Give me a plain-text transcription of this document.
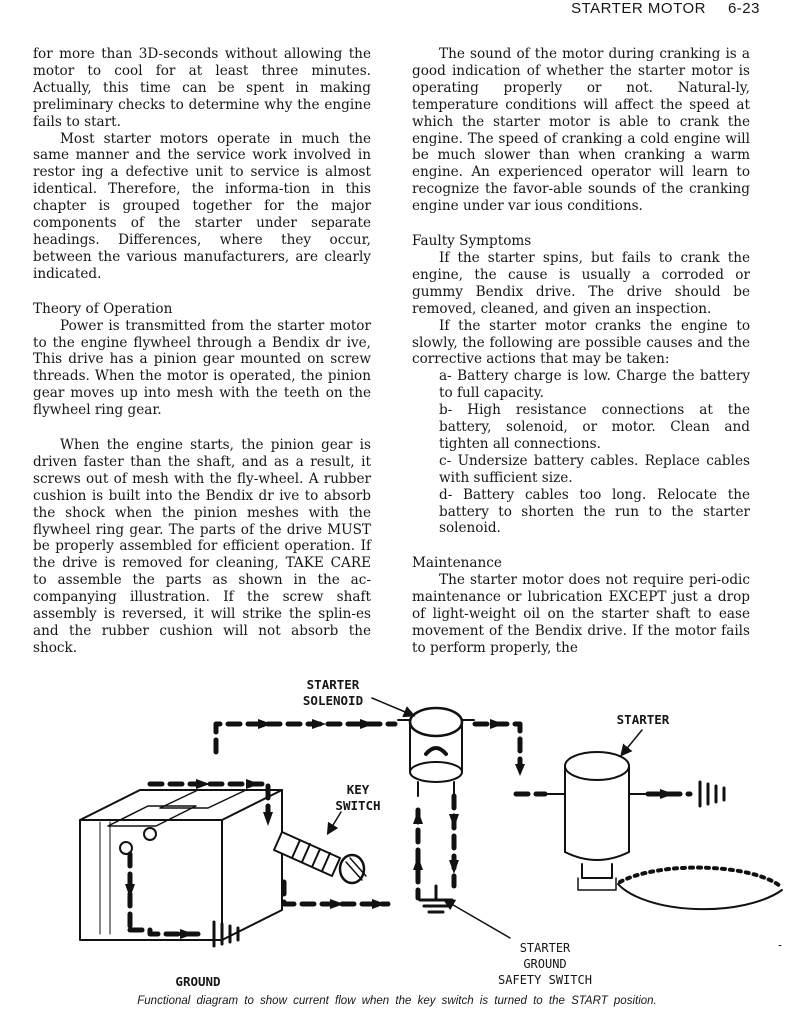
STARTER MOTOR 6-23

for more than 3D-seconds without allowing the motor to cool for at least three minutes. Actually, this time can be spent in making preliminary checks to determine why the engine fails to start.

Most starter motors operate in much the same manner and the service work involved in restor ing a defective unit to service is almost identical. Therefore, the informa-tion in this chapter is grouped together for the major components of the starter under separate headings. Differences, where they occur, between the various manufacturers, are clearly indicated.

Theory of Operation

Power is transmitted from the starter motor to the engine flywheel through a Bendix dr ive, This drive has a pinion gear mounted on screw threads. When the motor is operated, the pinion gear moves up into mesh with the teeth on the flywheel ring gear.

When the engine starts, the pinion gear is driven faster than the shaft, and as a result, it screws out of mesh with the fly-wheel. A rubber cushion is built into the Bendix dr ive to absorb the shock when the pinion meshes with the flywheel ring gear. The parts of the drive MUST be properly assembled for efficient operation. If the drive is removed for cleaning, TAKE CARE to assemble the parts as shown in the ac-companying illustration. If the screw shaft assembly is reversed, it will strike the splin-es and the rubber cushion will not absorb the shock.

The sound of the motor during cranking is a good indication of whether the starter motor is operating properly or not. Natural-ly, temperature conditions will affect the speed at which the starter motor is able to crank the engine. The speed of cranking a cold engine will be much slower than when cranking a warm engine. An experienced operator will learn to recognize the favor-able sounds of the cranking engine under var ious conditions.

Faulty Symptoms

If the starter spins, but fails to crank the engine, the cause is usually a corroded or gummy Bendix drive. The drive should be removed, cleaned, and given an inspection.

If the starter motor cranks the engine to slowly, the following are possible causes and the corrective actions that may be taken:

a- Battery charge is low. Charge the battery to full capacity.

b- High resistance connections at the battery, solenoid, or motor. Clean and tighten all connections.

c- Undersize battery cables. Replace cables with sufficient size.

d- Battery cables too long. Relocate the battery to shorten the run to the starter solenoid.

Maintenance

The starter motor does not require peri-odic maintenance or lubrication EXCEPT just a drop of light-weight oil on the starter shaft to ease movement of the Bendix drive. If the motor fails to perform properly, the

STARTER
SOLENOID
STARTER
KEY
SWITCH
GROUND
STARTER
GROUND
SAFETY SWITCH
Functional diagram to show current flow when the key switch is turned to the START position.
-
